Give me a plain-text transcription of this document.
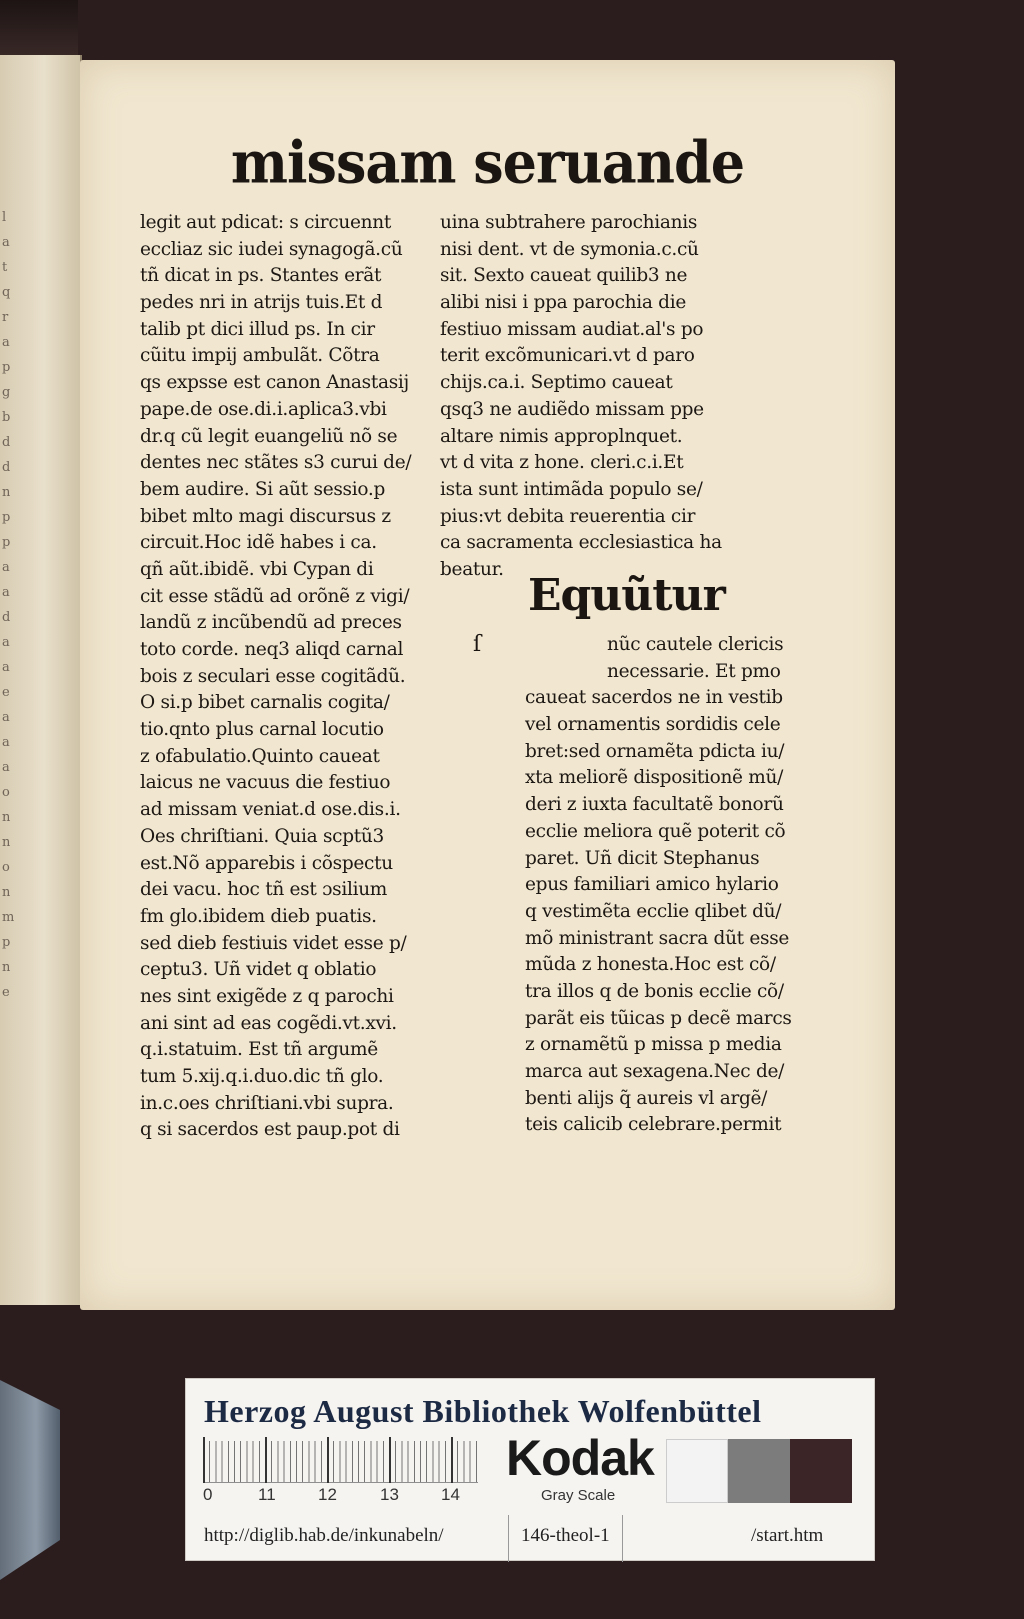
l
a
t
q
r
a
p
g
b
d
d
n
p
p
a
a
d
a
a
e
a
a
a
o
n
n
o
n
m
p
n
e
missam seruande
legit aut pdicat: s circuennt
eccliaz sic iudei synagogã.cũ
tñ dicat in ps. Stantes erãt
pedes nri in atrijs tuis.Et d
talib pt dici illud ps. In cir
cũitu impij ambulãt. Cõtra
qs expsse est canon Anastasij
pape.de ose.di.i.aplica3.vbi
dr.q cũ legit euangeliũ nõ se
dentes nec stãtes s3 curui de/
bem audire. Si aũt sessio.p
bibet mlto magi discursus z
circuit.Hoc idẽ habes i ca.
qñ aũt.ibidẽ. vbi Cypan di
cit esse stãdũ ad orõnẽ z vigi/
landũ z incũbendũ ad preces
toto corde. neq3 aliqd carnal
bois z seculari esse cogitãdũ.
O si.p bibet carnalis cogita/
tio.qnto plus carnal locutio
z ofabulatio.Quinto caueat
laicus ne vacuus die festiuo
ad missam veniat.d ose.dis.i.
Oes chriſtiani. Quia scptũ3
est.Nõ apparebis i cõspectu
dei vacu. hoc tñ est ɔsilium
fm glo.ibidem dieb puatis.
sed dieb festiuis videt esse p/
ceptu3. Uñ videt q oblatio
nes sint exigẽde z q parochi
ani sint ad eas cogẽdi.vt.xvi.
q.i.statuim. Est tñ argumẽ
tum 5.xij.q.i.duo.dic tñ glo.
in.c.oes chriſtiani.vbi supra.
q si sacerdos est paup.pot di
uina subtrahere parochianis
nisi dent. vt de symonia.c.cũ
sit. Sexto caueat quilib3 ne
alibi nisi i ppa parochia die
festiuo missam audiat.al's po
terit excõmunicari.vt d paro
chijs.ca.i. Septimo caueat
qsq3 ne audiẽdo missam ppe
altare nimis approplnquet.
vt d vita z hone. cleri.c.i.Et
ista sunt intimãda populo se/
pius:vt debita reuerentia cir
ca sacramenta ecclesiastica ha
beatur.
Equũtur
ſ	nũc cautele clericis
necessarie. Et pmo
caueat sacerdos ne in vestib
vel ornamentis sordidis cele
bret:sed ornamẽta pdicta iu/
xta meliorẽ dispositionẽ mũ/
deri z iuxta facultatẽ bonorũ
ecclie meliora quẽ poterit cõ
paret. Uñ dicit Stephanus
epus familiari amico hylario
q vestimẽta ecclie qlibet dũ/
mõ ministrant sacra dũt esse
mũda z honesta.Hoc est cõ/
tra illos q de bonis ecclie cõ/
parãt eis tũicas p decẽ marcs
z ornamẽtũ p missa p media
marca aut sexagena.Nec de/
benti alijs q̃ aureis vl argẽ/
teis calicib celebrare.permit
Herzog August Bibliothek Wolfenbüttel
0	11 12	13 14
Kodak
Gray Scale
http://diglib.hab.de/inkunabeln/	146-theol-1	/start.htm
